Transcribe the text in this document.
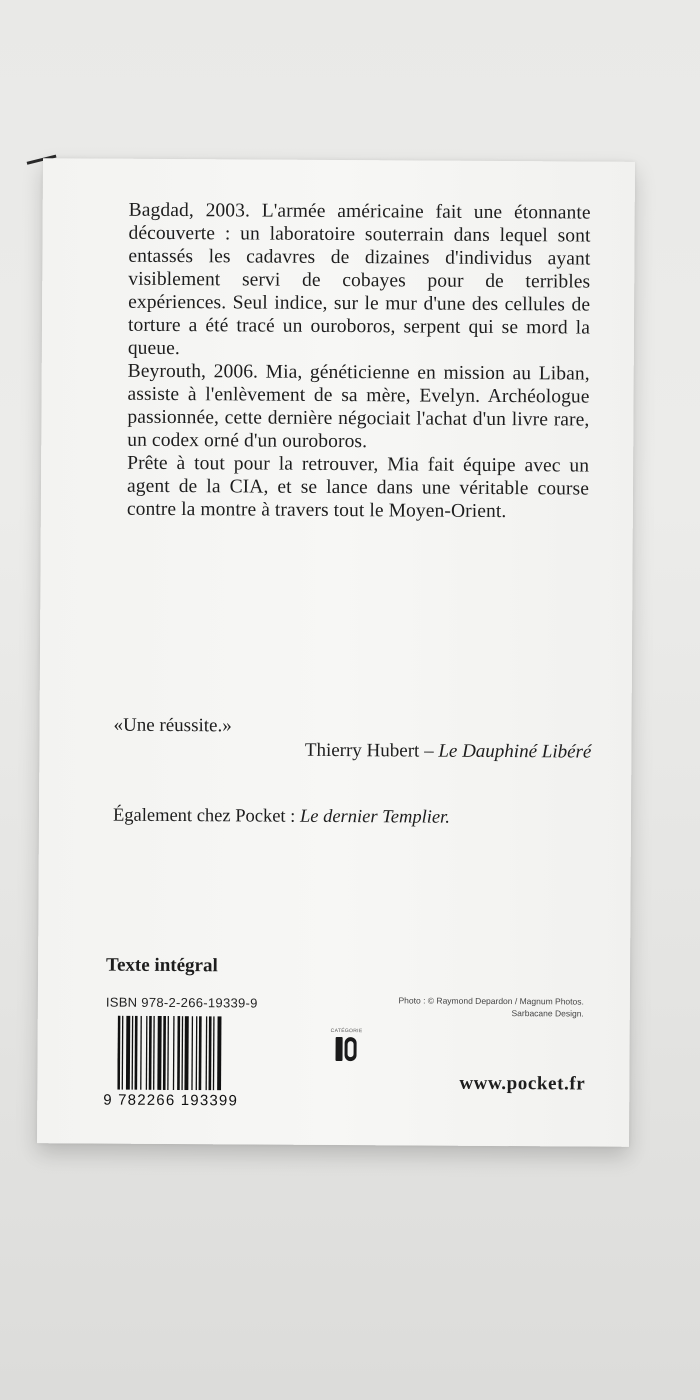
Bagdad, 2003. L'armée américaine fait une étonnante découverte : un laboratoire souterrain dans lequel sont entassés les cadavres de dizaines d'individus ayant visiblement servi de cobayes pour de terribles expériences. Seul indice, sur le mur d'une des cellules de torture a été tracé un ouroboros, serpent qui se mord la queue.

Beyrouth, 2006. Mia, généticienne en mission au Liban, assiste à l'enlèvement de sa mère, Evelyn. Archéologue passionnée, cette dernière négociait l'achat d'un livre rare, un codex orné d'un ouroboros.

Prête à tout pour la retrouver, Mia fait équipe avec un agent de la CIA, et se lance dans une véritable course contre la montre à travers tout le Moyen-Orient.

«Une réussite.»
Thierry Hubert – Le Dauphiné Libéré
Également chez Pocket : Le dernier Templier.
Texte intégral
ISBN 978-2-266-19339-9	Photo : © Raymond Depardon / Magnum Photos.
Sarbacane Design.
9 782266 193399
CATÉGORIE
www.pocket.fr
